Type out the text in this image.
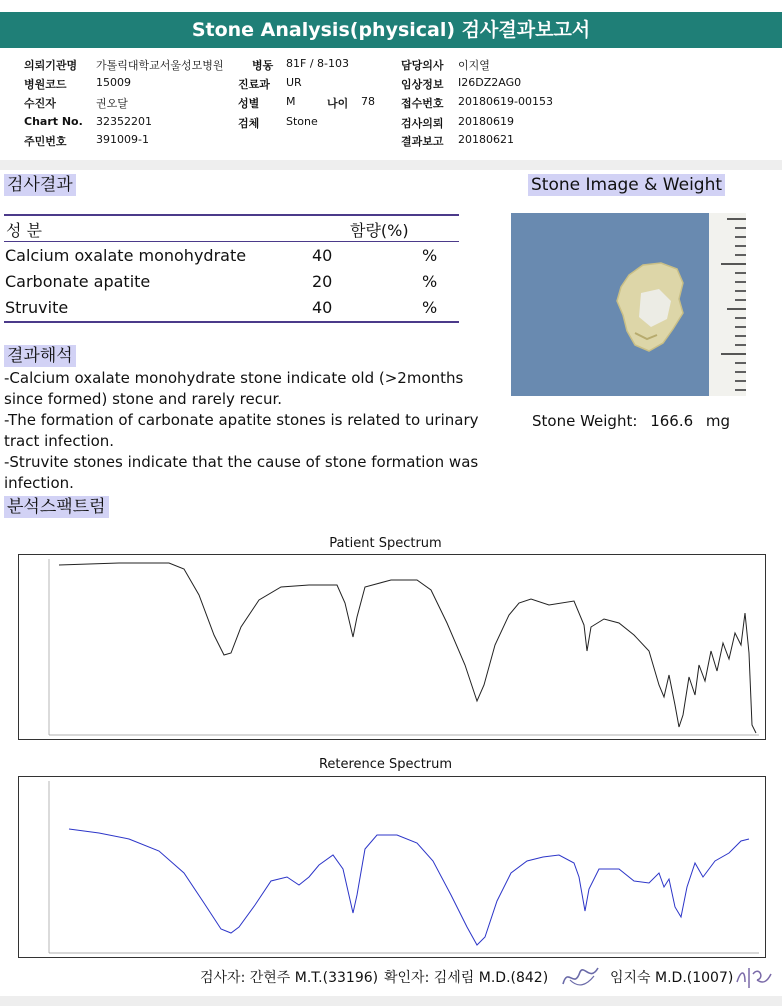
Stone Analysis(physical) 검사결과보고서
의뢰기관명 가톨릭대학교서울성모병원
병원코드	15009
수진자	권오달
Chart No. 32352201
주민번호	391009-1
병동 81F / 8-103
진료과 UR
성별 M	나이 78
검체 Stone
담당의사 이지열
임상정보 I26DZ2AG0
접수번호 20180619-00153
검사의뢰 20180619
결과보고 20180621
검사결과	Stone Image & Weight
성 분	함량(%)
Calcium oxalate monohydrate	40	%
Carbonate apatite	20	%
Struvite	40	%
결과해석

-Calcium oxalate monohydrate stone indicate old (>2months since formed) stone and rarely recur.

-The formation of carbonate apatite stones is related to urinary tract infection.

-Struvite stones indicate that the cause of stone formation was infection.

Stone Weight: 166.6 mg
분석스팩트럼
Patient Spectrum
Reterence Spectrum
검사자: 간현주 M.T.(33196) 확인자: 김세림 M.D.(842)	임지숙 M.D.(1007)
